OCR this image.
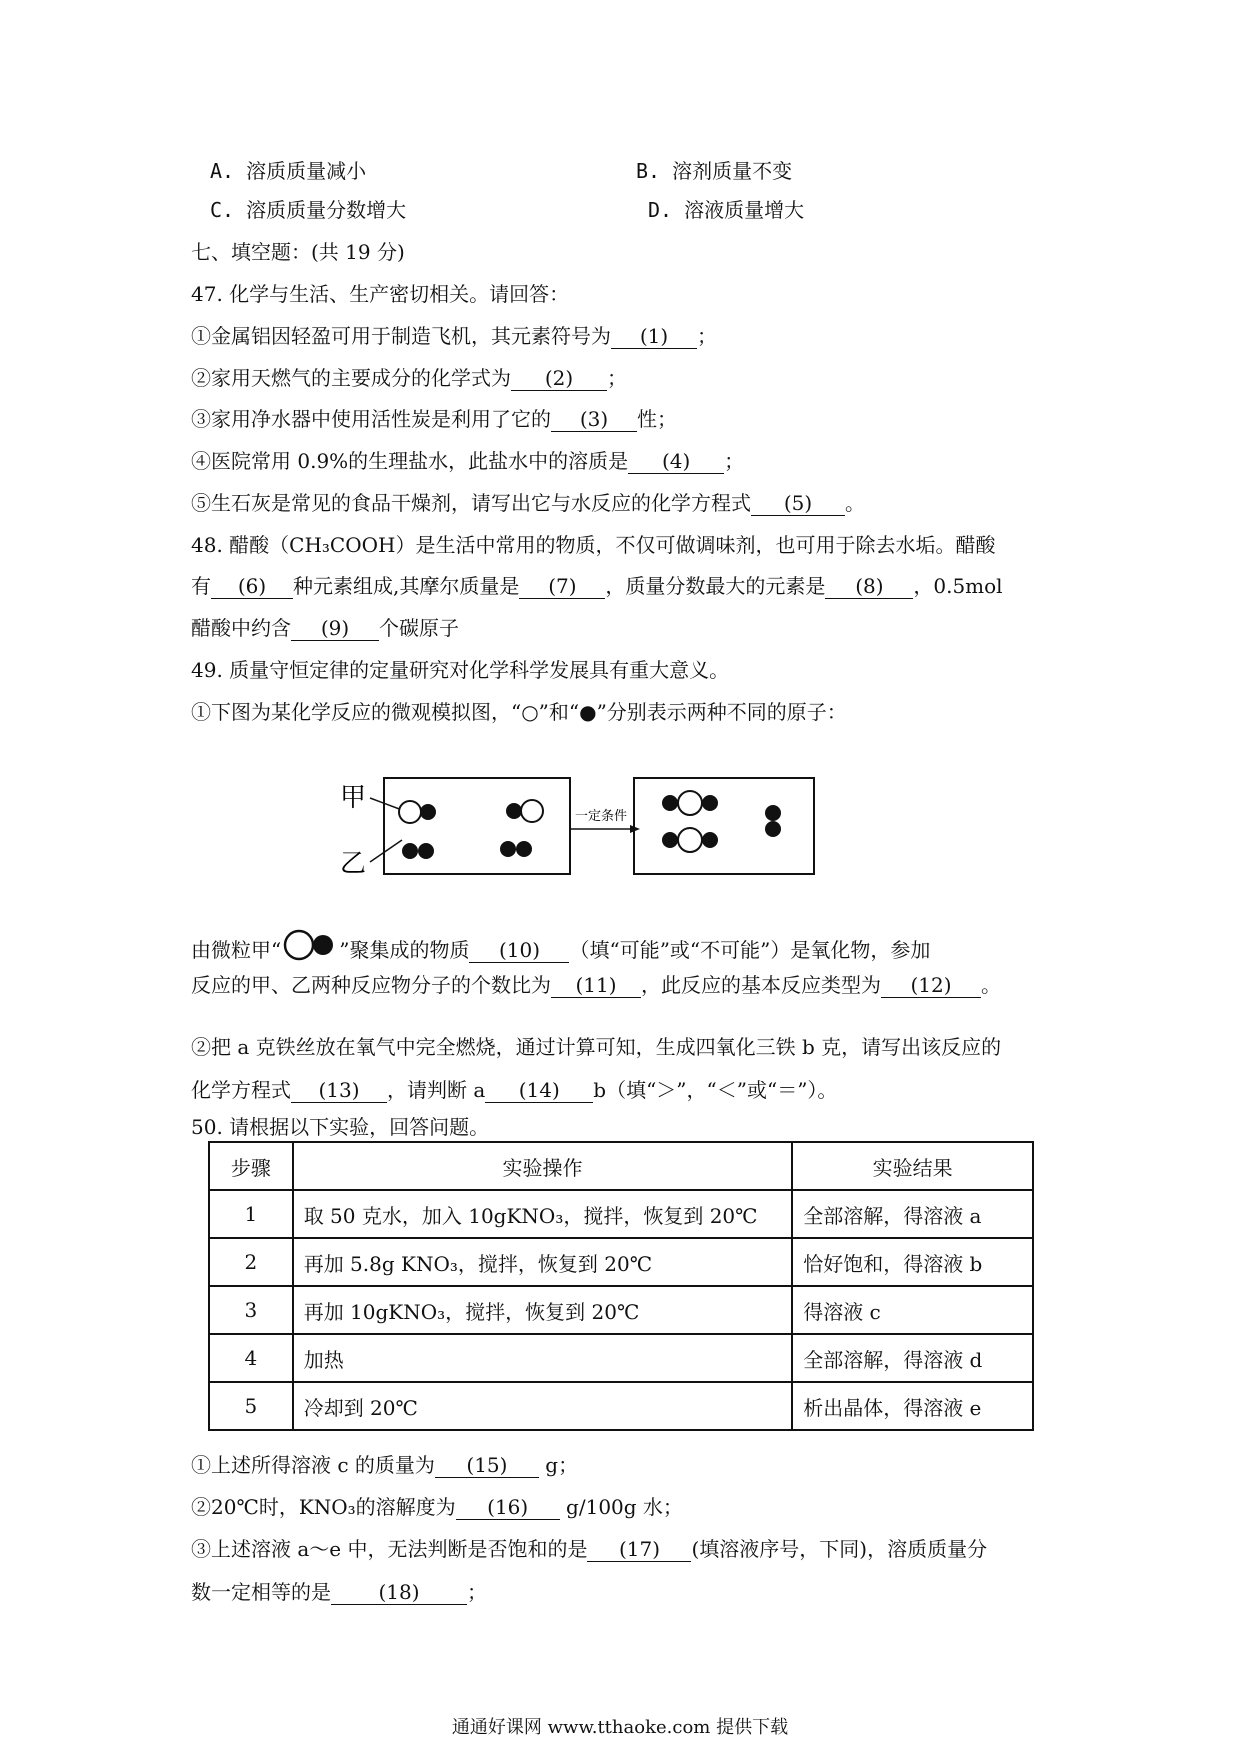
A. 溶质质量减小	B. 溶剂质量不变
C. 溶质质量分数增大	D. 溶液质量增大
七、填空题：(共 19 分)
47. 化学与生活、生产密切相关。请回答：
①金属铝因轻盈可用于制造飞机，其元素符号为 (1) ；
②家用天燃气的主要成分的化学式为 (2) ；
③家用净水器中使用活性炭是利用了它的 (3) 性；
④医院常用 0.9%的生理盐水，此盐水中的溶质是 (4) ；
⑤生石灰是常见的食品干燥剂，请写出它与水反应的化学方程式 (5) 。
48. 醋酸（CH₃COOH）是生活中常用的物质，不仅可做调味剂，也可用于除去水垢。醋酸
有 (6) 种元素组成,其摩尔质量是 (7) ，质量分数最大的元素是 (8) ，0.5mol
醋酸中约含 (9) 个碳原子
49. 质量守恒定律的定量研究对化学科学发展具有重大意义。
①下图为某化学反应的微观模拟图，“○”和“●”分别表示两种不同的原子：
甲
乙
一定条件
由微粒甲“	”聚集成的物质 (10) （填“可能”或“不可能”）是氧化物，参加
反应的甲、乙两种反应物分子的个数比为 (11) ，此反应的基本反应类型为 (12) 。
②把 a 克铁丝放在氧气中完全燃烧，通过计算可知，生成四氧化三铁 b 克，请写出该反应的
化学方程式 (13) ，请判断 a (14) b（填“＞”，“＜”或“＝”）。
50. 请根据以下实验，回答问题。
步骤	实验操作	实验结果
1	取 50 克水，加入 10gKNO₃，搅拌，恢复到 20℃	全部溶解，得溶液 a
2	再加 5.8g KNO₃，搅拌，恢复到 20℃	恰好饱和，得溶液 b
3	再加 10gKNO₃，搅拌，恢复到 20℃	得溶液 c
4	加热	全部溶解，得溶液 d
5	冷却到 20℃	析出晶体，得溶液 e
①上述所得溶液 c 的质量为 (15) g；
②20℃时，KNO₃的溶解度为 (16) g/100g 水；
③上述溶液 a～e 中，无法判断是否饱和的是 (17) (填溶液序号，下同)，溶质质量分
数一定相等的是 (18) ；
通通好课网 www.tthaoke.com 提供下载
